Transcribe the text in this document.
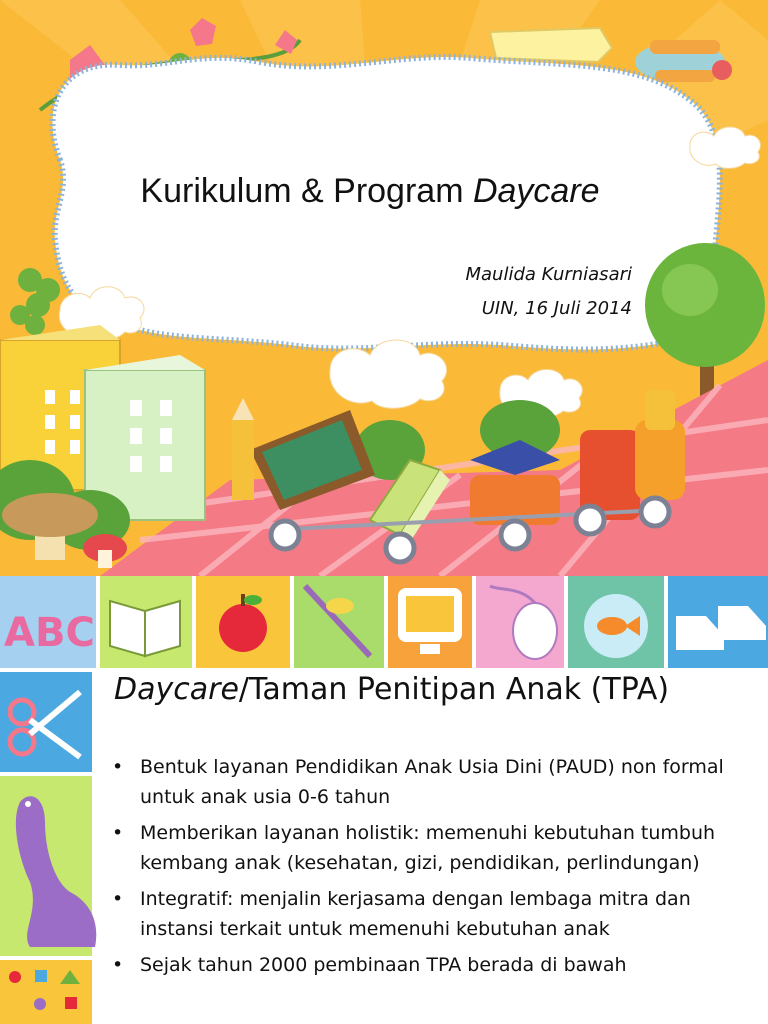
Kurikulum & Program Daycare
Maulida Kurniasari
UIN, 16 Juli 2014
ABC
Daycare/Taman Penitipan Anak (TPA)
• Bentuk layanan Pendidikan Anak Usia Dini (PAUD) non formal untuk anak usia 0-6 tahun
• Memberikan layanan holistik: memenuhi kebutuhan tumbuh kembang anak (kesehatan, gizi, pendidikan, perlindungan)
• Integratif: menjalin kerjasama dengan lembaga mitra dan instansi terkait untuk memenuhi kebutuhan anak
• Sejak tahun 2000 pembinaan TPA berada di bawah
